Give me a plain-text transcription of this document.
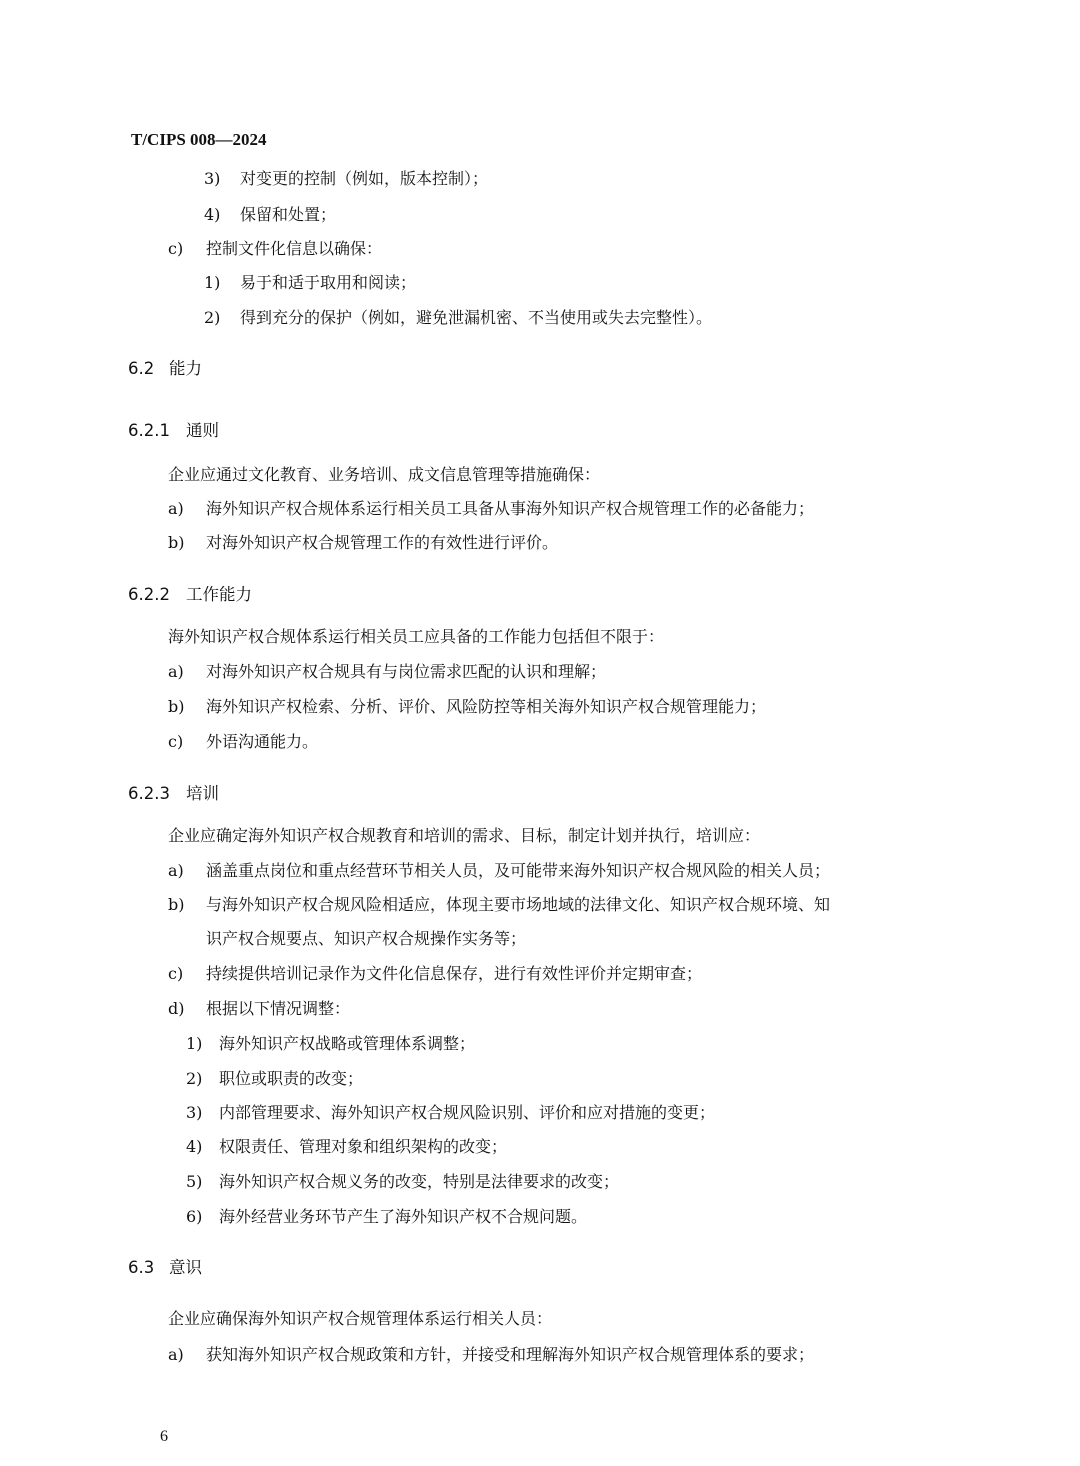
T/CIPS 008—2024
3) 对变更的控制（例如，版本控制）；
4) 保留和处置；
c) 控制文件化信息以确保：
1) 易于和适于取用和阅读；
2) 得到充分的保护（例如，避免泄漏机密、不当使用或失去完整性）。
6.2 能力
6.2.1 通则
企业应通过文化教育、业务培训、成文信息管理等措施确保：
a) 海外知识产权合规体系运行相关员工具备从事海外知识产权合规管理工作的必备能力；
b) 对海外知识产权合规管理工作的有效性进行评价。
6.2.2 工作能力
海外知识产权合规体系运行相关员工应具备的工作能力包括但不限于：
a) 对海外知识产权合规具有与岗位需求匹配的认识和理解；
b) 海外知识产权检索、分析、评价、风险防控等相关海外知识产权合规管理能力；
c) 外语沟通能力。
6.2.3 培训
企业应确定海外知识产权合规教育和培训的需求、目标，制定计划并执行，培训应：
a) 涵盖重点岗位和重点经营环节相关人员，及可能带来海外知识产权合规风险的相关人员；
b) 与海外知识产权合规风险相适应，体现主要市场地域的法律文化、知识产权合规环境、知
识产权合规要点、知识产权合规操作实务等；
c) 持续提供培训记录作为文件化信息保存，进行有效性评价并定期审查；
d) 根据以下情况调整：
1) 海外知识产权战略或管理体系调整；
2) 职位或职责的改变；
3) 内部管理要求、海外知识产权合规风险识别、评价和应对措施的变更；
4) 权限责任、管理对象和组织架构的改变；
5) 海外知识产权合规义务的改变，特别是法律要求的改变；
6) 海外经营业务环节产生了海外知识产权不合规问题。
6.3 意识
企业应确保海外知识产权合规管理体系运行相关人员：
a) 获知海外知识产权合规政策和方针，并接受和理解海外知识产权合规管理体系的要求；
6
